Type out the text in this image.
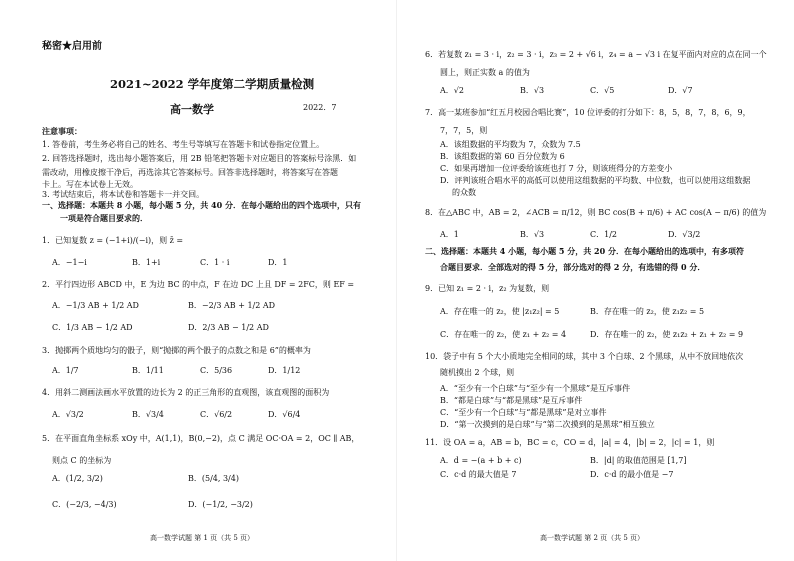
秘密★启用前
2021~2022 学年度第二学期质量检测
高一数学	2022．7
注意事项：
1. 答卷前，考生务必将自己的姓名、考生号等填写在答题卡和试卷指定位置上。
2. 回答选择题时，选出每小题答案后，用 2B 铅笔把答题卡对应题目的答案标号涂黑．如
需改动，用橡皮擦干净后，再选涂其它答案标号。回答非选择题时，将答案写在答题
卡上。写在本试卷上无效。
3. 考试结束后，将本试卷和答题卡一并交回。
一、选择题：本题共 8 小题，每小题 5 分，共 40 分．在每小题给出的四个选项中，只有
一项是符合题目要求的．
1．已知复数 z = (−1+i)/(−i)，则 z̄ =
A．−1−i	B．1+i	C．1 · i	D．1
2．平行四边形 ABCD 中，E 为边 BC 的中点，F 在边 DC 上且 DF = 2FC，则 EF =
A．−1/3 AB + 1/2 AD	B．−2/3 AB + 1/2 AD
C．1/3 AB − 1/2 AD	D．2/3 AB − 1/2 AD
3．抛掷两个质地均匀的骰子，则“抛掷的两个骰子的点数之和是 6”的概率为
A．1/7	B．1/11	C．5/36	D．1/12
4．用斜二测画法画水平放置的边长为 2 的正三角形的直观图，该直观图的面积为
A．√3/2	B．√3/4	C．√6/2	D．√6/4
5．在平面直角坐标系 xOy 中，A(1,1)，B(0,−2)，点 C 满足 OC·OA = 2，OC ∥ AB，
则点 C 的坐标为
A．(1/2, 3/2)	B．(5/4, 3/4)
C．(−2/3, −4/3)	D．(−1/2, −3/2)
高一数学试题 第 1 页（共 5 页）
6．若复数 z₁ = 3 · i，z₂ = 3 · i，z₃ = 2 + √6 i，z₄ = a − √3 i 在复平面内对应的点在同一个
圆上，则正实数 a 的值为
A．√2	B．√3	C．√5	D．√7
7．高一某班参加“红五月校园合唱比赛”，10 位评委的打分如下：8，5，8，7，8，6，9，
7，7，5，则
A．该组数据的平均数为 7，众数为 7.5
B．该组数据的第 60 百分位数为 6
C．如果再增加一位评委给该班也打 7 分，则该班得分的方差变小
D．评判该班合唱水平的高低可以使用这组数据的平均数、中位数，也可以使用这组数据
的众数
8．在△ABC 中，AB = 2，∠ACB = π/12，则 BC cos(B + π/6) + AC cos(A − π/6) 的值为
A．1	B．√3	C．1/2	D．√3/2
二、选择题：本题共 4 小题，每小题 5 分，共 20 分．在每小题给出的选项中，有多项符
合题目要求．全部选对的得 5 分，部分选对的得 2 分，有选错的得 0 分．
9．已知 z₁ = 2 · i，z₂ 为复数，则
A．存在唯一的 z₂，使 |z₁z₂| = 5	B．存在唯一的 z₂，使 z₁z₂ = 5
C．存在唯一的 z₂，使 z₁ + z₂ = 4	D．存在唯一的 z₂，使 z₁z₂ + z₁ + z₂ = 9
10．袋子中有 5 个大小质地完全相同的球，其中 3 个白球、2 个黑球，从中不放回地依次
随机摸出 2 个球，则
A．“至少有一个白球”与“至少有一个黑球”是互斥事件
B．“都是白球”与“都是黑球”是互斥事件
C．“至少有一个白球”与“都是黑球”是对立事件
D．“第一次摸到的是白球”与“第二次摸到的是黑球”相互独立
11．设 OA = a，AB = b，BC = c，CO = d，|a| = 4，|b| = 2，|c| = 1，则
A．d = −(a + b + c)	B．|d| 的取值范围是 [1,7]
C．c·d 的最大值是 7	D．c·d 的最小值是 −7
高一数学试题 第 2 页（共 5 页）
